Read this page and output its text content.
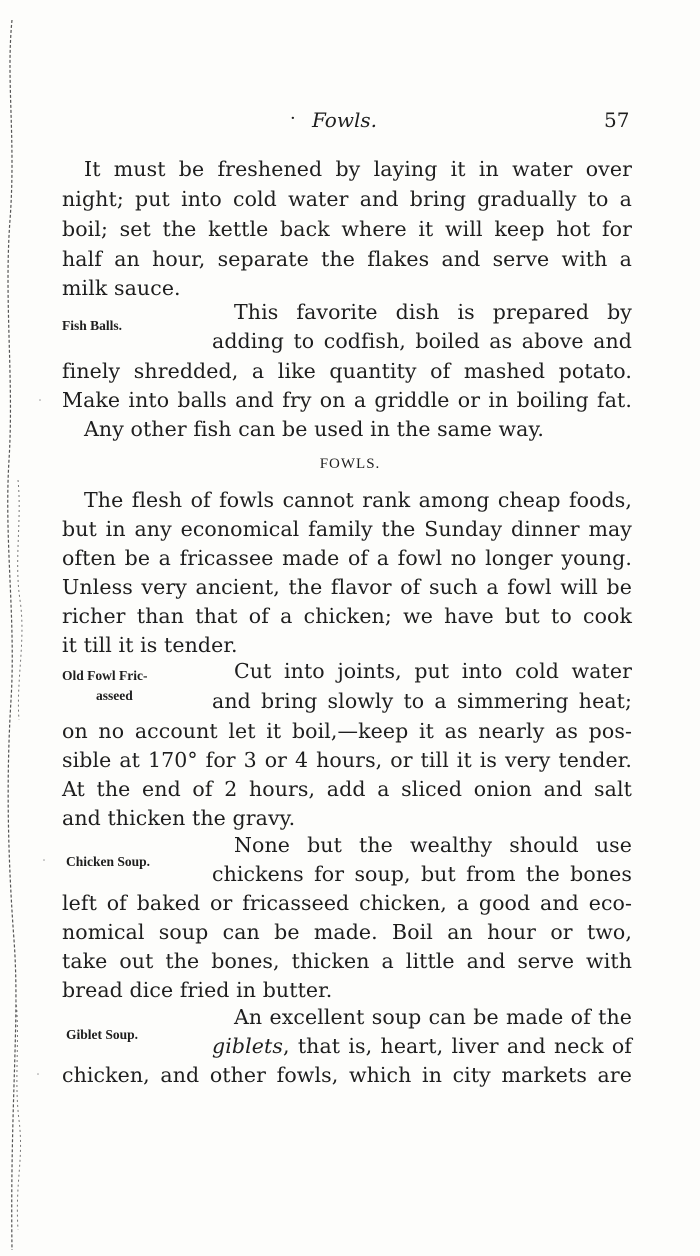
· Fowls.	57
It must be freshened by laying it in water over
night; put into cold water and bring gradually to a
boil; set the kettle back where it will keep hot for
half an hour, separate the flakes and serve with a
milk sauce.
Fish Balls.
This favorite dish is prepared by
adding to codfish, boiled as above and
finely shredded, a like quantity of mashed potato.
Make into balls and fry on a griddle or in boiling fat.
Any other fish can be used in the same way.
FOWLS.
The flesh of fowls cannot rank among cheap foods,
but in any economical family the Sunday dinner may
often be a fricassee made of a fowl no longer young.
Unless very ancient, the flavor of such a fowl will be
richer than that of a chicken; we have but to cook
it till it is tender.
Old Fowl Fric-
asseed
Cut into joints, put into cold water
and bring slowly to a simmering heat;
on no account let it boil,—keep it as nearly as pos-
sible at 170° for 3 or 4 hours, or till it is very tender.
At the end of 2 hours, add a sliced onion and salt
and thicken the gravy.
Chicken Soup.
None but the wealthy should use
chickens for soup, but from the bones
left of baked or fricasseed chicken, a good and eco-
nomical soup can be made. Boil an hour or two,
take out the bones, thicken a little and serve with
bread dice fried in butter.
Giblet Soup.
An excellent soup can be made of the
giblets, that is, heart, liver and neck of
chicken, and other fowls, which in city markets are
